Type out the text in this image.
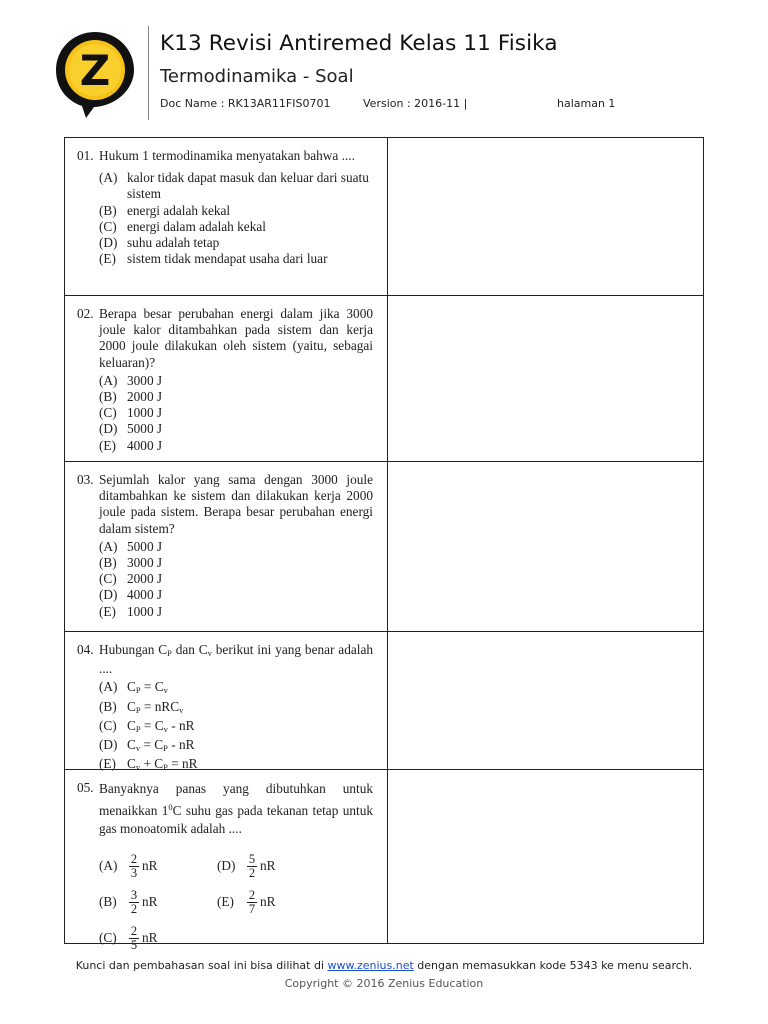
Z
K13 Revisi Antiremed Kelas 11 Fisika
Termodinamika - Soal
Doc Name : RK13AR11FIS0701	Version : 2016-11 |	halaman 1
01. Hukum 1 termodinamika menyatakan bahwa ....
(A) kalor tidak dapat masuk dan keluar dari suatu sistem
(B) energi adalah kekal
(C) energi dalam adalah kekal
(D) suhu adalah tetap
(E) sistem tidak mendapat usaha dari luar
02. Berapa besar perubahan energi dalam jika 3000 joule kalor ditambahkan pada sistem dan kerja 2000 joule dilakukan oleh sistem (yaitu, sebagai keluaran)?
(A) 3000 J
(B) 2000 J
(C) 1000 J
(D) 5000 J
(E) 4000 J
03. Sejumlah kalor yang sama dengan 3000 joule ditambahkan ke sistem dan dilakukan kerja 2000 joule pada sistem. Berapa besar perubahan energi dalam sistem?
(A) 5000 J
(B) 3000 J
(C) 2000 J
(D) 4000 J
(E) 1000 J
04. Hubungan $C_P$ dan $C_v$ berikut ini yang benar adalah ....
(A) $C_P = C_v$
(B) $C_P = nRC_v$
(C) $C_P = C_v$ - nR
(D) $C_v = C_P$ - nR
(E) $C_v + C_P$ = nR
05. Banyaknya panas yang dibutuhkan untuk menaikkan $1^0C$ suhu gas pada tekanan tetap untuk gas monoatomik adalah ....
$(A) \frac{2}{3}$ nR	$(D) \frac{5}{2}$ nR
$(B) \frac{3}{2}$ nR	(E)	$\frac{2}{7}$ nR
$(C) \frac{2}{5}$ nR
Kunci dan pembahasan soal ini bisa dilihat di www.zenius.net dengan memasukkan kode 5343 ke menu search.
Copyright © 2016 Zenius Education
